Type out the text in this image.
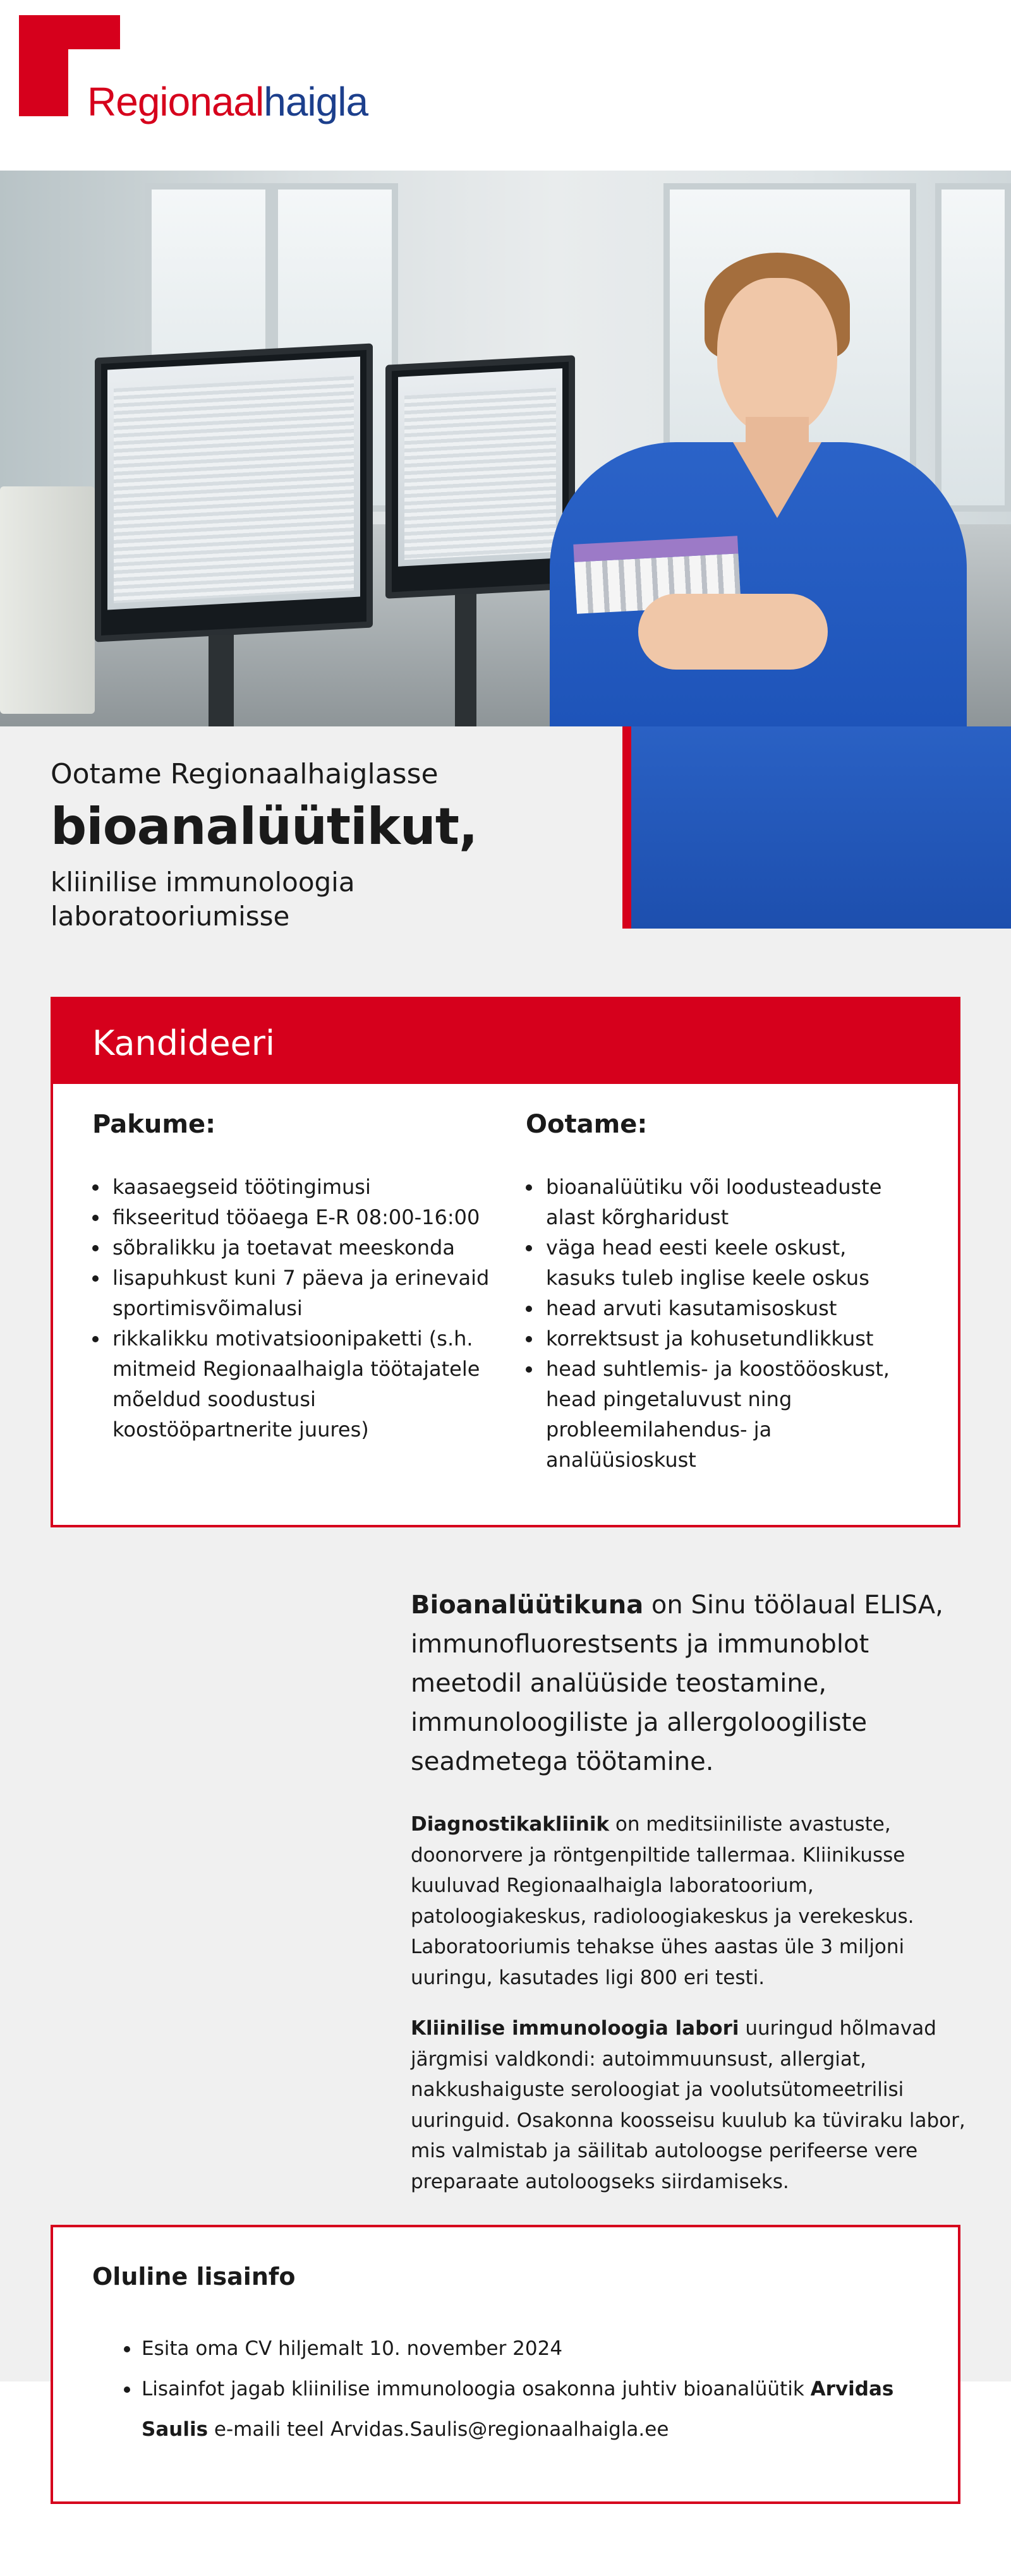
Regionaalhaigla
Ootame Regionaalhaiglasse
bioanalüütikut,
kliinilise immunoloogia laboratooriumisse
Kandideeri
Pakume:
kaasaegseid töötingimusi
fikseeritud tööaega E-R 08:00-16:00
sõbralikku ja toetavat meeskonda
lisapuhkust kuni 7 päeva ja erinevaid sportimisvõimalusi
rikkalikku motivatsioonipaketti (s.h. mitmeid Regionaalhaigla töötajatele mõeldud soodustusi koostööpartnerite juures)
Ootame:
bioanalüütiku või loodusteaduste alast kõrgharidust
väga head eesti keele oskust, kasuks tuleb inglise keele oskus
head arvuti kasutamisoskust
korrektsust ja kohusetundlikkust
head suhtlemis- ja koostööoskust, head pingetaluvust ning probleemilahendus- ja analüüsioskust

Bioanalüütikuna on Sinu töölaual ELISA, immunofluorestsents ja immunoblot meetodil analüüside teostamine, immunoloogiliste ja allergoloogiliste seadmetega töötamine.

Diagnostikakliinik on meditsiiniliste avastuste, doonorvere ja röntgenpiltide tallermaa. Kliinikusse kuuluvad Regionaalhaigla laboratoorium, patoloogiakeskus, radioloogiakeskus ja verekeskus. Laboratooriumis tehakse ühes aastas üle 3 miljoni uuringu, kasutades ligi 800 eri testi.

Kliinilise immunoloogia labori uuringud hõlmavad järgmisi valdkondi: autoimmuunsust, allergiat, nakkushaiguste seroloogiat ja voolutsütomeetrilisi uuringuid. Osakonna koosseisu kuulub ka tüviraku labor, mis valmistab ja säilitab autoloogse perifeerse vere preparaate autoloogseks siirdamiseks.

Oluline lisainfo
Esita oma CV hiljemalt 10. november 2024
Lisainfot jagab kliinilise immunoloogia osakonna juhtiv bioanalüütik Arvidas Saulis e-maili teel Arvidas.Saulis@regionaalhaigla.ee
